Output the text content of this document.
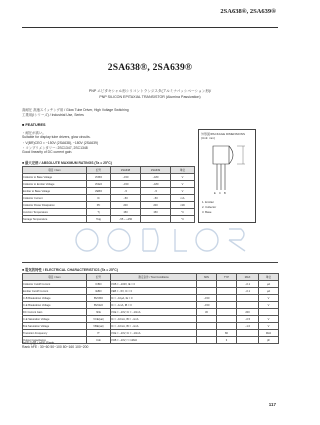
2SA638®, 2SA639®
2SA638®, 2SA639®
PNP エピタキシャル形シリコントランジスタ(アルミナパッシベーション形)/
PNP SILICON EPITAXIAL TRANSISTOR (Alumina Passivation)
高耐圧 高速スイッチング用 / Glow Tube Driver, High Voltage Switching
工業用(Iシリーズ) / Industrial Use, Series
■ FEATURES
・耐圧が高い。
Suitable for display tube drivers, glow circuits.
・V(BR)CEO = −150V (2SA638), −180V (2SA639)
・コンプリメンタリー: 2SC1347, 2SC1348
Good linearity of DC current gain.
■ 最大定格 / ABSOLUTE MAXIMUM RATINGS (Ta = 25°C)
項目 / Item	記号	2SA638	2SA639	単位
Collector to Base Voltage	VCBO	−150	−180	V
Collector to Emitter Voltage	VCEO	−150	−180	V
Emitter to Base Voltage	VEBO	−5	−5	V
Collector Current	IC	−50	−50	mA
Collector Power Dissipation	PC	200	200	mW
Junction Temperature	Tj	150	150	°C
Storage Temperature	Tstg	−55 ~ +150		°C
外形図/PACKAGE DIMENSIONS
(Unit: mm)
E C B
1. Emitter
2. Collector
3. Base
■ 電気的特性 / ELECTRICAL CHARACTERISTICS (Ta = 25°C)
項目 / Item	記号	測定条件 / Test Conditions	MIN	TYP	MAX	単位
Collector Cutoff Current	ICBO	VCB = −100V, IE = 0			−0.1	μA
Emitter Cutoff Current	IEBO	VEB = −5V, IC = 0			−0.1	μA
C-B Breakdown Voltage	BVCBO	IC = −10μA, IE = 0	−150			V
C-E Breakdown Voltage	BVCEO	IC = −1mA, IB = 0	−150			V
DC Current Gain	hFE	VCE = −10V, IC = −10mA	30		200	
C-E Saturation Voltage	VCE(sat)	IC = −10mA, IB = −1mA			−0.5	V
B-E Saturation Voltage	VBE(sat)	IC = −10mA, IB = −1mA			−1.0	V
Transition Frequency	fT	VCE = −10V, IC = −10mA		80		MHz
Output Capacitance	Cob	VCB = −10V, f = 1MHz		3		pF
*hFE分類 / hFE Rank
Rank hFE : 30~60 50~100 80~160 100~200
117
